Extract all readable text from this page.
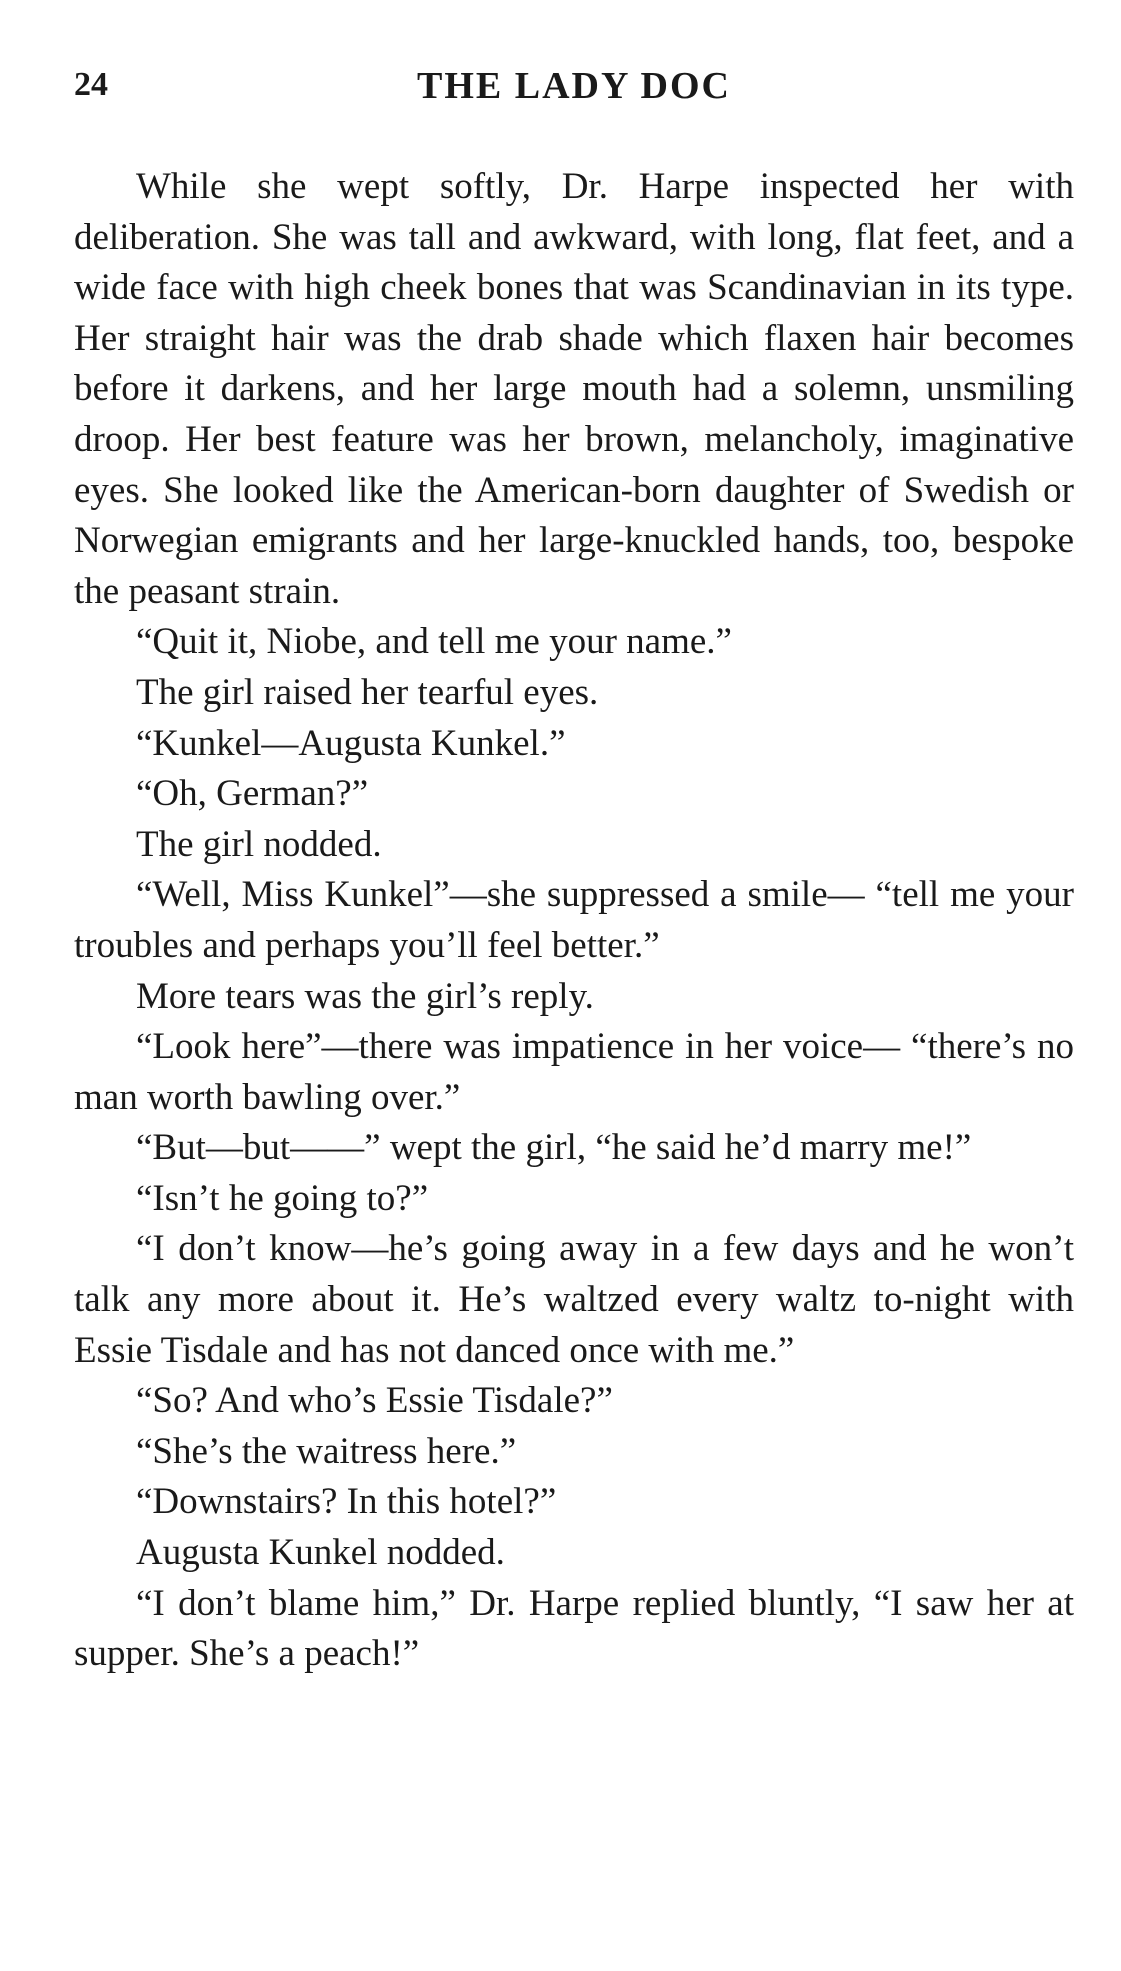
24	THE LADY DOC

While she wept softly, Dr. Harpe inspected her with deliberation. She was tall and awkward, with long, flat feet, and a wide face with high cheek bones that was Scandinavian in its type. Her straight hair was the drab shade which flaxen hair becomes before it darkens, and her large mouth had a solemn, unsmiling droop. Her best feature was her brown, melancholy, imaginative eyes. She looked like the American-born daughter of Swedish or Norwegian emigrants and her large-knuckled hands, too, bespoke the peasant strain.

“Quit it, Niobe, and tell me your name.”

The girl raised her tearful eyes.

“Kunkel—Augusta Kunkel.”

“Oh, German?”

The girl nodded.

“Well, Miss Kunkel”—she suppressed a smile— “tell me your troubles and perhaps you’ll feel better.”

More tears was the girl’s reply.

“Look here”—there was impatience in her voice— “there’s no man worth bawling over.”

“But—but——” wept the girl, “he said he’d marry me!”

“Isn’t he going to?”

“I don’t know—he’s going away in a few days and he won’t talk any more about it. He’s waltzed every waltz to-night with Essie Tisdale and has not danced once with me.”

“So? And who’s Essie Tisdale?”

“She’s the waitress here.”

“Downstairs? In this hotel?”

Augusta Kunkel nodded.

“I don’t blame him,” Dr. Harpe replied bluntly, “I saw her at supper. She’s a peach!”
